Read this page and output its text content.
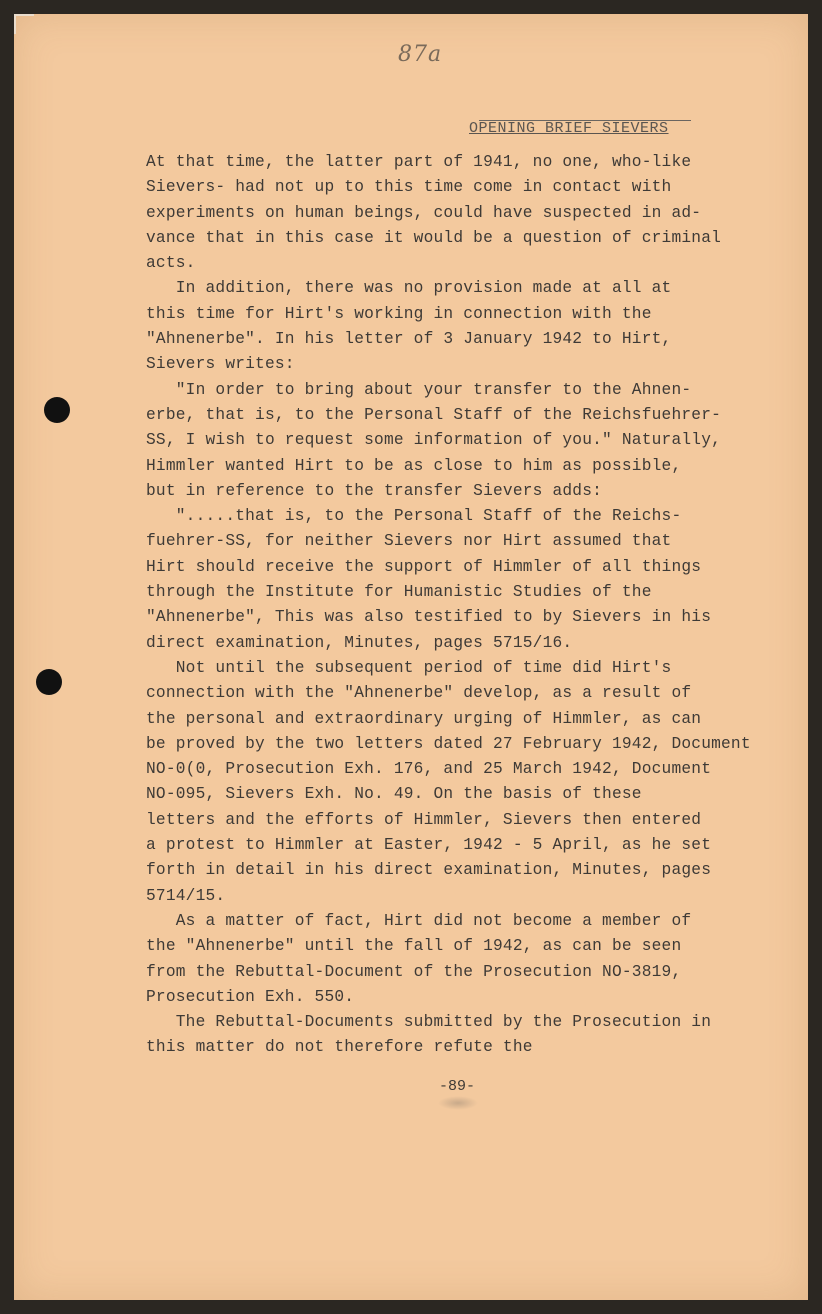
87a
OPENING BRIEF SIEVERS
At that time, the latter part of 1941, no one, who-like
Sievers- had not up to this time come in contact with
experiments on human beings, could have suspected in ad-
vance that in this case it would be a question of criminal
acts.
In addition, there was no provision made at all at
this time for Hirt's working in connection with the
"Ahnenerbe". In his letter of 3 January 1942 to Hirt,
Sievers writes:
"In order to bring about your transfer to the Ahnen-
erbe, that is, to the Personal Staff of the Reichsfuehrer-
SS, I wish to request some information of you." Naturally,
Himmler wanted Hirt to be as close to him as possible,
but in reference to the transfer Sievers adds:
".....that is, to the Personal Staff of the Reichs-
fuehrer-SS, for neither Sievers nor Hirt assumed that
Hirt should receive the support of Himmler of all things
through the Institute for Humanistic Studies of the
"Ahnenerbe", This was also testified to by Sievers in his
direct examination, Minutes, pages 5715/16.
Not until the subsequent period of time did Hirt's
connection with the "Ahnenerbe" develop, as a result of
the personal and extraordinary urging of Himmler, as can
be proved by the two letters dated 27 February 1942, Document
NO-0(0, Prosecution Exh. 176, and 25 March 1942, Document
NO-095, Sievers Exh. No. 49. On the basis of these
letters and the efforts of Himmler, Sievers then entered
a protest to Himmler at Easter, 1942 - 5 April, as he set
forth in detail in his direct examination, Minutes, pages
5714/15.
As a matter of fact, Hirt did not become a member of
the "Ahnenerbe" until the fall of 1942, as can be seen
from the Rebuttal-Document of the Prosecution NO-3819,
Prosecution Exh. 550.
The Rebuttal-Documents submitted by the Prosecution in
this matter do not therefore refute the
-89-
